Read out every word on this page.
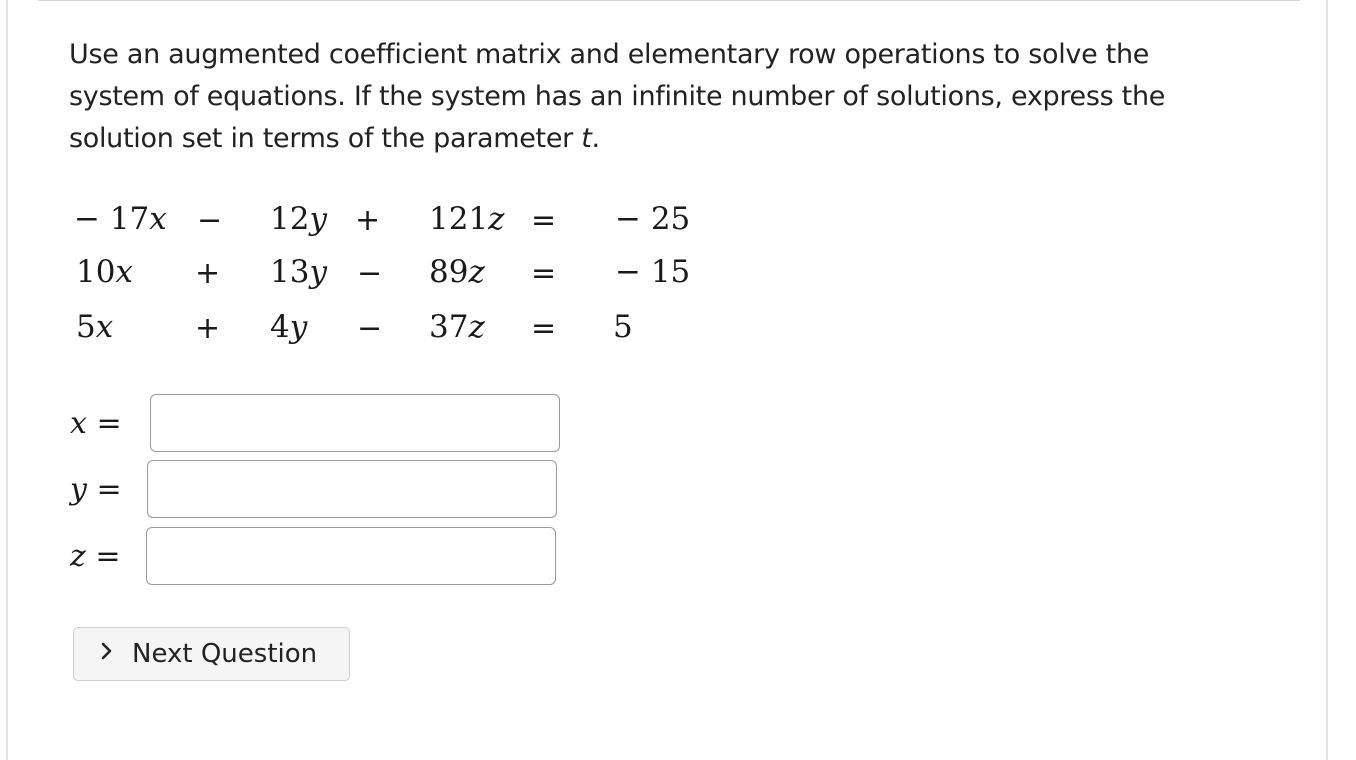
Use an augmented coefficient matrix and elementary row operations to solve the system of equations. If the system has an infinite number of solutions, express the solution set in terms of the parameter t.
− 17x − 12y + 121z = − 25
10x + 13y − 89z = − 15
5x	+ 4y − 37z = 5
x =
y =
z =
Next Question
